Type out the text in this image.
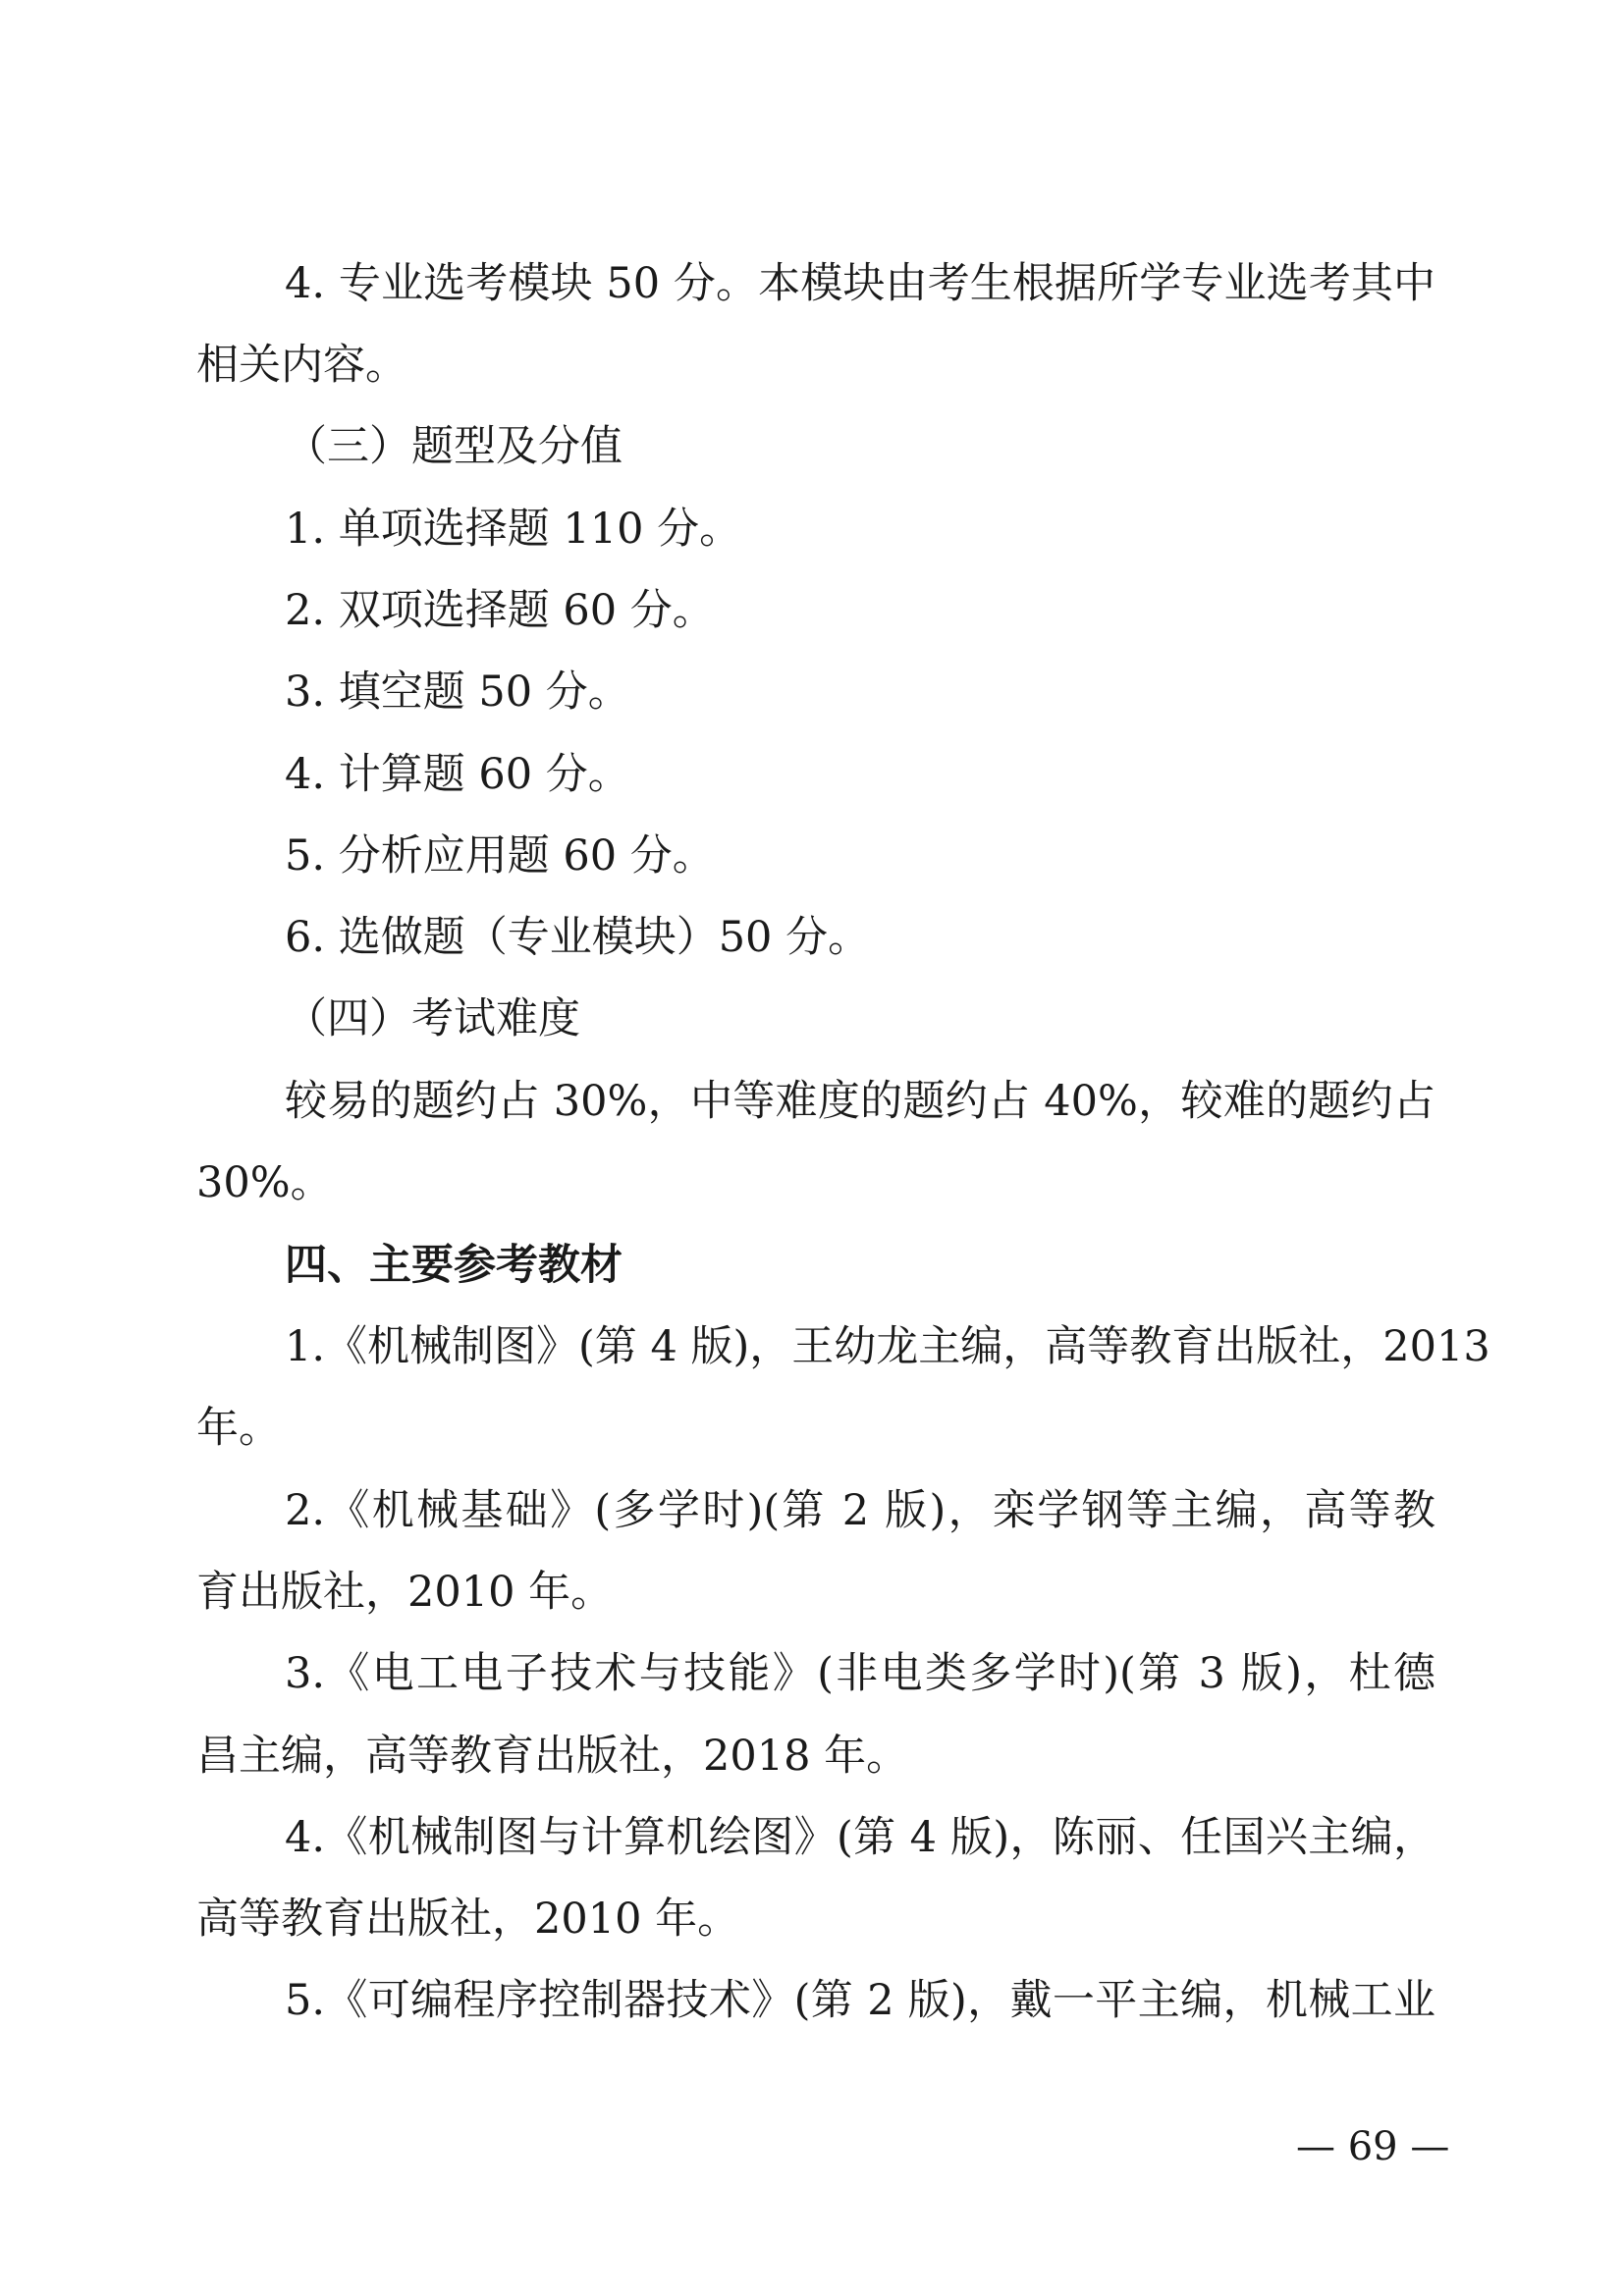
4. 专业选考模块 50 分。本模块由考生根据所学专业选考其中
相关内容。
（三）题型及分值
1. 单项选择题 110 分。
2. 双项选择题 60 分。
3. 填空题 50 分。
4. 计算题 60 分。
5. 分析应用题 60 分。
6. 选做题（专业模块）50 分。
（四）考试难度
较易的题约占 30%，中等难度的题约占 40%，较难的题约占
30%。
四、主要参考教材
1.《机械制图》(第 4 版)，王幼龙主编，高等教育出版社，2013
年。
2.《机械基础》(多学时)(第 2 版)，栾学钢等主编，高等教
育出版社，2010 年。
3.《电工电子技术与技能》(非电类多学时)(第 3 版)，杜德
昌主编，高等教育出版社，2018 年。
4.《机械制图与计算机绘图》(第 4 版)，陈丽、任国兴主编，
高等教育出版社，2010 年。
5.《可编程序控制器技术》(第 2 版)，戴一平主编，机械工业
— 69 —
